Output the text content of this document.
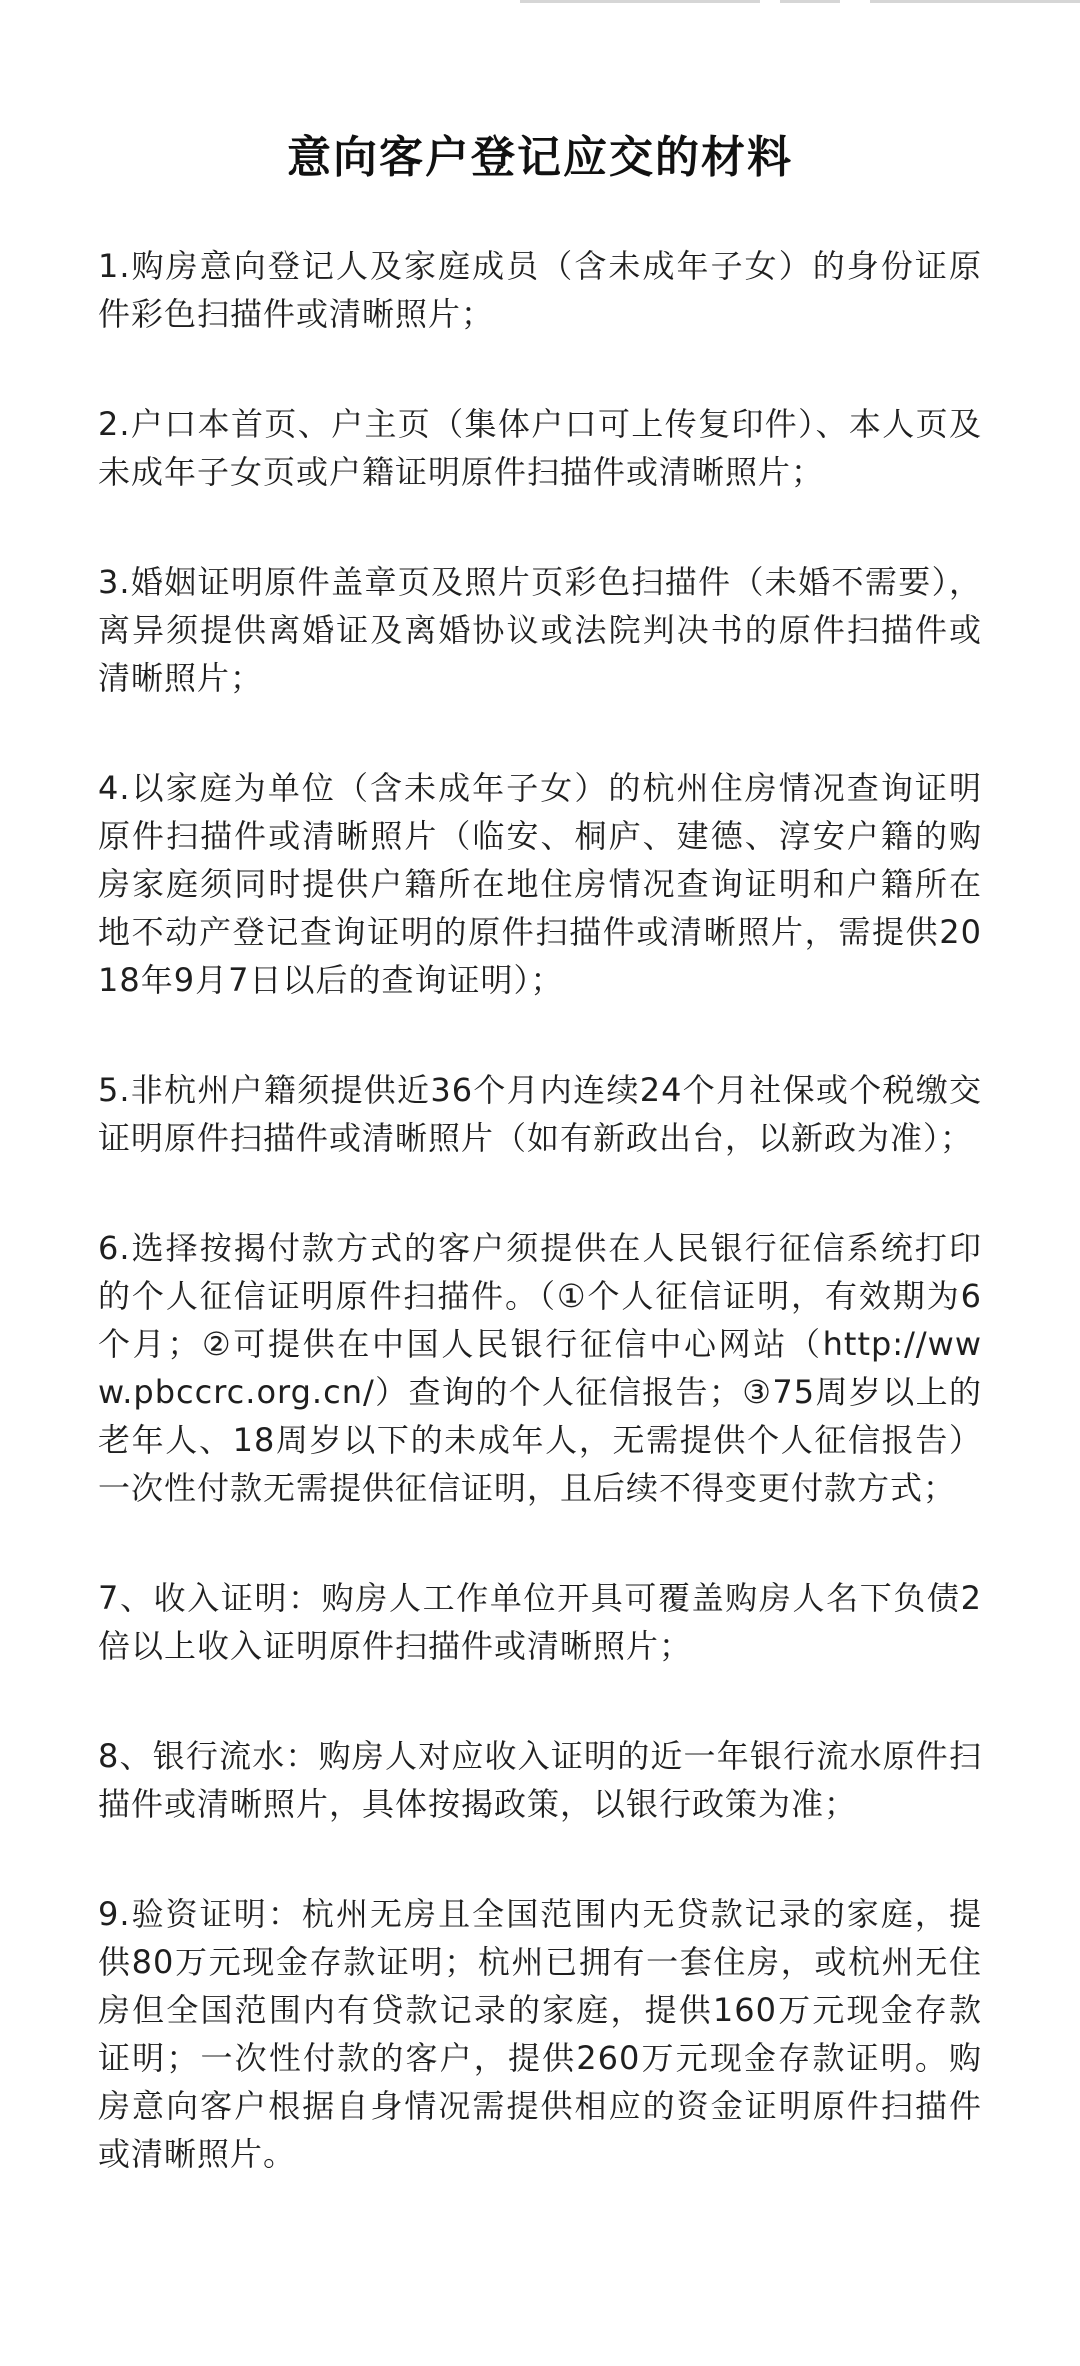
意向客户登记应交的材料

1.购房意向登记人及家庭成员（含未成年子女）的身份证原件彩色扫描件或清晰照片；

2.户口本首页、户主页（集体户口可上传复印件）、本人页及未成年子女页或户籍证明原件扫描件或清晰照片；

3.婚姻证明原件盖章页及照片页彩色扫描件（未婚不需要），离异须提供离婚证及离婚协议或法院判决书的原件扫描件或清晰照片；

4.以家庭为单位（含未成年子女）的杭州住房情况查询证明原件扫描件或清晰照片（临安、桐庐、建德、淳安户籍的购房家庭须同时提供户籍所在地住房情况查询证明和户籍所在地不动产登记查询证明的原件扫描件或清晰照片，需提供2018年9月7日以后的查询证明）；

5.非杭州户籍须提供近36个月内连续24个月社保或个税缴交证明原件扫描件或清晰照片（如有新政出台，以新政为准）；

6.选择按揭付款方式的客户须提供在人民银行征信系统打印的个人征信证明原件扫描件。（①个人征信证明，有效期为6个月；②可提供在中国人民银行征信中心网站（http://www.pbccrc.org.cn/）查询的个人征信报告；③75周岁以上的老年人、18周岁以下的未成年人，无需提供个人征信报告）一次性付款无需提供征信证明，且后续不得变更付款方式；

7、收入证明：购房人工作单位开具可覆盖购房人名下负债2倍以上收入证明原件扫描件或清晰照片；

8、银行流水：购房人对应收入证明的近一年银行流水原件扫描件或清晰照片，具体按揭政策，以银行政策为准；

9.验资证明：杭州无房且全国范围内无贷款记录的家庭，提供80万元现金存款证明；杭州已拥有一套住房，或杭州无住房但全国范围内有贷款记录的家庭，提供160万元现金存款证明；一次性付款的客户，提供260万元现金存款证明。购房意向客户根据自身情况需提供相应的资金证明原件扫描件或清晰照片。
